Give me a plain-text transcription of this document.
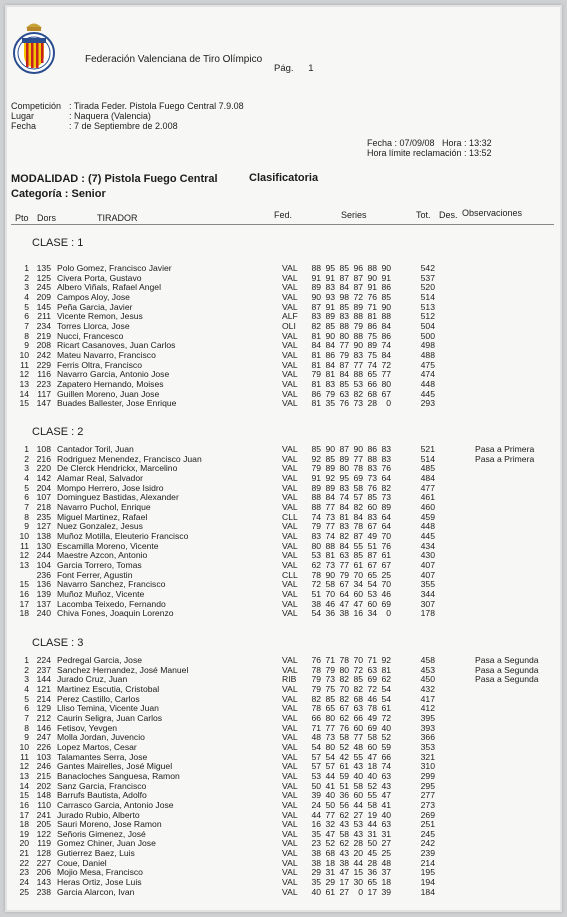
Federación Valenciana de Tiro Olímpico
Pág. 1
Competición : Tirada Feder. Pistola Fuego Central 7.9.08
Lugar	: Naquera (Valencia)
Fecha	: 7 de Septiembre de 2.008
Fecha : 07/09/08   Hora : 13:32
Hora límite reclamación : 13:52
MODALIDAD : (7) Pistola Fuego Central	Clasificatoria
Categoría : Senior
Pto Dors	TIRADOR	Fed.	Series	Tot. Des. Observaciones
CLASE : 1
1	135	Polo Gomez, Francisco Javier	VAL	88	95	85	96	88	90	542	
2	125	Civera Porta, Gustavo	VAL	91	91	87	87	90	91	537	
3	245	Albero Viñals, Rafael Angel	VAL	89	83	84	87	91	86	520	
4	209	Campos Aloy, Jose	VAL	90	93	98	72	76	85	514	
5	145	Peña Garcia, Javier	VAL	87	91	85	89	71	90	513	
6	211	Vicente Remon, Jesus	ALF	83	89	83	88	81	88	512	
7	234	Torres Llorca, Jose	OLI	82	85	88	79	86	84	504	
8	219	Nucci, Francesco	VAL	81	90	80	88	75	86	500	
9	208	Ricart Casanoves, Juan Carlos	VAL	84	84	77	90	89	74	498	
10	242	Mateu Navarro, Francisco	VAL	81	86	79	83	75	84	488	
11	229	Ferris Oltra, Francisco	VAL	81	84	87	77	74	72	475	
12	116	Navarro Garcia, Antonio Jose	VAL	79	81	84	88	65	77	474	
13	223	Zapatero Hernando, Moises	VAL	81	83	85	53	66	80	448	
14	117	Guillen Moreno, Juan Jose	VAL	86	79	63	82	68	67	445	
15	147	Buades Ballester, Jose Enrique	VAL	81	35	76	73	28	0	293	
CLASE : 2
1	108	Cantador Toril, Juan	VAL	85	90	87	90	86	83	521	Pasa a Primera
2	216	Rodriguez Menendez, Francisco Juan	VAL	92	85	89	77	88	83	514	Pasa a Primera
3	220	De Clerck Hendrickx, Marcelino	VAL	79	89	80	78	83	76	485	
4	142	Alamar Real, Salvador	VAL	91	92	95	69	73	64	484	
5	204	Mompo Herrero, Jose Isidro	VAL	89	89	83	58	76	82	477	
6	107	Dominguez Bastidas, Alexander	VAL	88	84	74	57	85	73	461	
7	218	Navarro Puchol, Enrique	VAL	88	77	84	82	60	89	460	
8	235	Miguel Martinez, Rafael	CLL	74	73	81	84	83	64	459	
9	127	Nuez Gonzalez, Jesus	VAL	79	77	83	78	67	64	448	
10	138	Muñoz Motilla, Eleuterio Francisco	VAL	83	74	82	87	49	70	445	
11	130	Escamilla Moreno, Vicente	VAL	80	88	84	55	51	76	434	
12	244	Maestre Azcon, Antonio	VAL	53	81	63	85	87	61	430	
13	104	Garcia Torrero, Tomas	VAL	62	73	77	61	67	67	407	
	236	Font Ferrer, Agustin	CLL	78	90	79	70	65	25	407	
15	136	Navarro Sanchez, Francisco	VAL	72	58	67	34	54	70	355	
16	139	Muñoz Muñoz, Vicente	VAL	51	70	64	60	53	46	344	
17	137	Lacomba Teixedo, Fernando	VAL	38	46	47	47	60	69	307	
18	240	Chiva Fones, Joaquin Lorenzo	VAL	54	36	38	16	34	0	178	
CLASE : 3
1	224	Pedregal Garcia, Jose	VAL	76	71	78	70	71	92	458	Pasa a Segunda
2	237	Sanchez Hernandez, José Manuel	VAL	78	79	80	72	63	81	453	Pasa a Segunda
3	144	Jurado Cruz, Juan	RIB	79	73	82	85	69	62	450	Pasa a Segunda
4	121	Martinez Escutia, Cristobal	VAL	79	75	70	82	72	54	432	
5	214	Perez Castillo, Carlos	VAL	82	85	82	68	46	54	417	
6	129	Lliso Temina, Vicente Juan	VAL	78	65	67	63	78	61	412	
7	212	Caurin Seligra, Juan Carlos	VAL	66	80	62	66	49	72	395	
8	146	Fetisov, Yevgen	VAL	71	77	76	60	69	40	393	
9	247	Molla Jordan, Juvencio	VAL	48	73	58	77	58	52	366	
10	226	Lopez Martos, Cesar	VAL	54	80	52	48	60	59	353	
11	103	Talamantes Serra, Jose	VAL	57	54	42	55	47	66	321	
12	246	Gantes Mairelles, José Miguel	VAL	57	57	61	43	18	74	310	
13	215	Banacloches Sanguesa, Ramon	VAL	53	44	59	40	40	63	299	
14	202	Sanz Garcia, Francisco	VAL	50	41	51	58	52	43	295	
15	148	Barrufs Bautista, Adolfo	VAL	39	40	36	60	55	47	277	
16	110	Carrasco Garcia, Antonio Jose	VAL	24	50	56	44	58	41	273	
17	241	Jurado Rubio, Alberto	VAL	44	77	62	27	19	40	269	
18	205	Sauri Moreno, Jose Ramon	VAL	16	32	43	53	44	63	251	
19	122	Señoris Gimenez, José	VAL	35	47	58	43	31	31	245	
20	119	Gomez Chiner, Juan Jose	VAL	23	52	62	28	50	27	242	
21	128	Gutierrez Baez, Luis	VAL	38	68	43	20	45	25	239	
22	227	Coue, Daniel	VAL	38	18	38	44	28	48	214	
23	206	Mojio Mesa, Francisco	VAL	29	31	47	15	36	37	195	
24	143	Heras Ortiz, Jose Luis	VAL	35	29	17	30	65	18	194	
25	238	Garcia Alarcon, Ivan	VAL	40	61	27	0	17	39	184	
